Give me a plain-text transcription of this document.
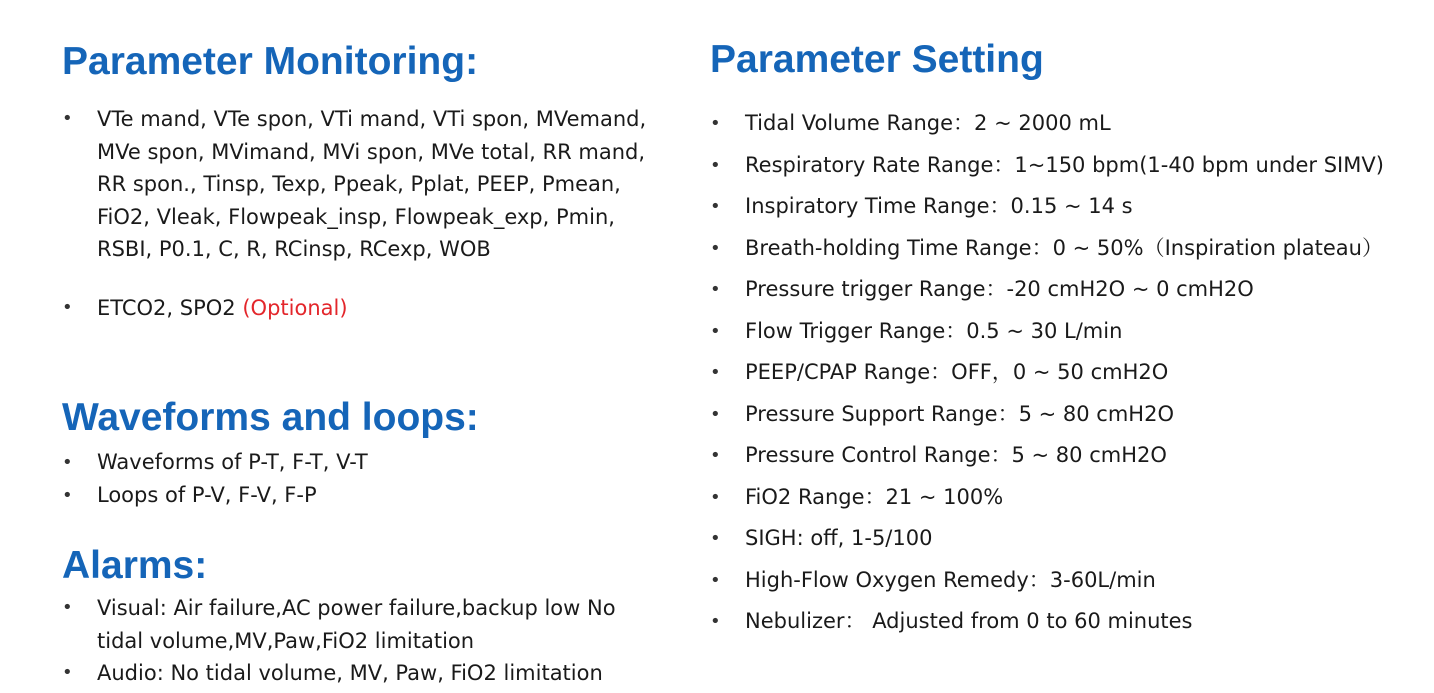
Parameter Monitoring:
• VTe mand, VTe spon, VTi mand, VTi spon, MVemand, MVe spon, MVimand, MVi spon, MVe total, RR mand, RR spon., Tinsp, Texp, Ppeak, Pplat, PEEP, Pmean, FiO2, Vleak, Flowpeak_insp, Flowpeak_exp, Pmin, RSBI, P0.1, C, R, RCinsp, RCexp, WOB
• ETCO2, SPO2 (Optional)
Waveforms and loops:
• Waveforms of P-T, F-T, V-T
• Loops of P-V, F-V, F-P
Alarms:
• Visual: Air failure,AC power failure,backup low No tidal volume,MV,Paw,FiO2 limitation
• Audio: No tidal volume, MV, Paw, FiO2 limitation
Parameter Setting
• Tidal Volume Range：2 ~ 2000 mL
• Respiratory Rate Range：1~150 bpm(1-40 bpm under SIMV)
• Inspiratory Time Range：0.15 ~ 14 s
• Breath-holding Time Range：0 ~ 50%（Inspiration plateau）
• Pressure trigger Range：-20 cmH2O ~ 0 cmH2O
• Flow Trigger Range：0.5 ~ 30 L/min
• PEEP/CPAP Range：OFF，0 ~ 50 cmH2O
• Pressure Support Range：5 ~ 80 cmH2O
• Pressure Control Range：5 ~ 80 cmH2O
• FiO2 Range：21 ~ 100%
• SIGH: off, 1-5/100
• High-Flow Oxygen Remedy：3-60L/min
• Nebulizer： Adjusted from 0 to 60 minutes
